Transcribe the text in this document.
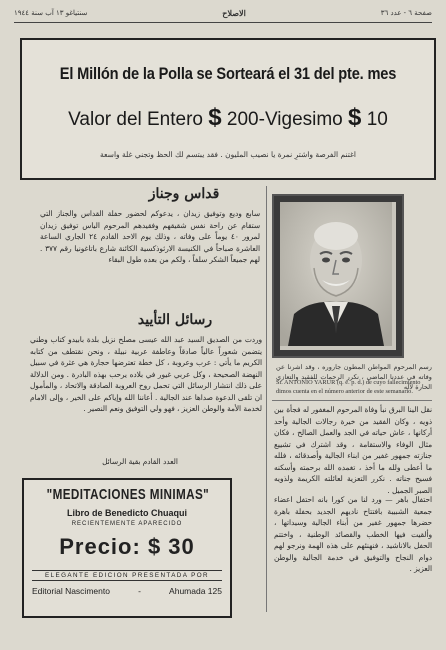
صفحة ٦ - عدد ٣٦
الاصلاح
سنتياغو ١٣ آب سنة ١٩٤٤
El Millón de la Polla se Sorteará el 31 del pte. mes
Valor del Entero $ 200-Vigesimo $ 10
اغتنم الفرصة واشترِ نمرة يا نصيب المليون . فقد يبتسم لك الحظ وتجني غلة واسعة
قداس وجناز
سابع وديع وتوفيق زيدان ، يدعوكم لحضور حفلة القداس والجناز التي ستقام عن راحة نفس شقيقهم وفقيدهم المرحوم الياس توفيق زيدان لمرور ٤٠ يوماً على وفاته ، وذلك يوم الاحد القادم ٢٤ الجاري الساعة العاشرة صباحاً في الكنيسة الارثوذكسية الكائنة شارع باتاغونيا رقم ٣٧٧ . لهم جميعاً الشكر سلفاً ، ولكم من بعده طول البقاء
رسائل التأييد
وردت من الصديق السيد عبد الله عيسى مصلح نزيل بلدة بابيدو كتاب وطني يتضمن شعوراً عالياً صادقاً وعاطفة عربية نبيلة ، ونحن نقتطف من كتابه الكريم ما يأتي : عرب وعروبة ، كل خطة تعترضها حجارة هي عثرة في سبيل النهضة الصحيحة ، وكل عربي غيور في بلاده يرحب بهذه البادرة . ومن الدلالة على ذلك انتشار الرسائل التي تحمل روح العروبة الصادقة والاتحاد ، والمأمول ان تلقى الدعوة صداها عند الجالية . أعاننا الله وإياكم على الخير ، وإلى الامام لخدمة الأمة والوطن العزيز ، فهو ولي التوفيق ونعم النصير .
العدد القادم بقية الرسائل
رسم المرحوم المواطن المطون جاروره ، وقد اشرنا عن وفاته في عددنا الماضي ، نكرر الرحمات للفقيد والتعازي الحارة لآله
Sr. ANTONIO YARUR (q. e. p. d.) de cuyo fallecimiento dimos cuenta en el número anterior de este semanario.
نقل الينا البرق نبأ وفاة المرحوم المغفور له فجأة بين ذويه ، وكان الفقيد من خيرة رجالات الجالية وأحد أركانها ، عاش حياته في الجد والعمل الصالح ، فكان مثال الوفاء والاستقامة ، وقد اشترك في تشييع جنازته جمهور غفير من ابناء الجالية وأصدقائه ، فلله ما أعطى ولله ما أخذ ، تغمده الله برحمته وأسكنه فسيح جناته . نكرر التعزية لعائلته الكريمة ولذويه الصبر الجميل .
احتفال باهر — ورد لنا من كورا بانه احتفل اعضاء جمعية الشبيبة بافتتاح ناديهم الجديد بحفلة باهرة حضرها جمهور غفير من أبناء الجالية وسيداتها ، وألقيت فيها الخطب والقصائد الوطنية ، واختتم الحفل بالاناشيد ، فنهنئهم على هذه الهمة ونرجو لهم دوام النجاح والتوفيق في خدمة الجالية والوطن العزيز .
"MEDITACIONES MINIMAS"
Libro de Benedicto Chuaqui
RECIENTEMENTE APARECIDO
Precio: $ 30
ELEGANTE EDICION PRESENTADA POR
Editorial Nascimento	-	Ahumada 125
